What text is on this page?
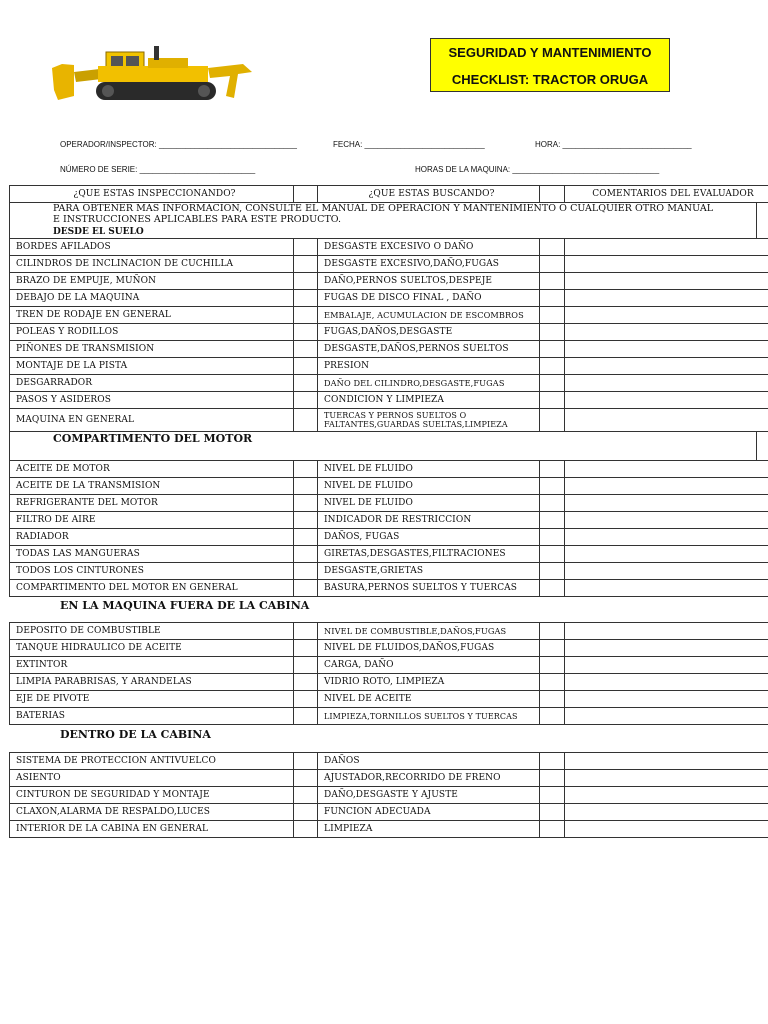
SEGURIDAD Y MANTENIMIENTO
CHECKLIST: TRACTOR ORUGA
OPERADOR/INSPECTOR: _______________________________	FECHA: ___________________________	HORA: _____________________________
NÚMERO DE SERIE: __________________________	HORAS DE LA MAQUINA: _________________________________
¿QUE ESTAS INSPECCIONANDO?		¿QUE ESTAS BUSCANDO?		COMENTARIOS DEL EVALUADOR
PARA OBTENER MAS INFORMACION, CONSULTE EL MANUAL DE OPERACION Y MANTENIMIENTO O CUALQUIER OTRO MANUAL E INSTRUCCIONES APLICABLES PARA ESTE PRODUCTO.
DESDE EL SUELO
BORDES AFILADOS		DESGASTE EXCESIVO O DAÑO		
CILINDROS DE INCLINACION DE CUCHILLA		DESGASTE EXCESIVO,DAÑO,FUGAS		
BRAZO DE EMPUJE, MUÑON		DAÑO,PERNOS SUELTOS,DESPEJE		
DEBAJO DE LA MAQUINA		FUGAS DE DISCO FINAL , DAÑO		
TREN DE RODAJE EN GENERAL		EMBALAJE, ACUMULACION DE ESCOMBROS		
POLEAS Y RODILLOS		FUGAS,DAÑOS,DESGASTE		
PIÑONES DE TRANSMISION		DESGASTE,DAÑOS,PERNOS SUELTOS		
MONTAJE DE LA PISTA		PRESION		
DESGARRADOR		DAÑO DEL CILINDRO,DESGASTE,FUGAS		
PASOS Y ASIDEROS		CONDICION Y LIMPIEZA		
MAQUINA EN GENERAL		TUERCAS Y PERNOS SUELTOS O FALTANTES,GUARDAS SUELTAS,LIMPIEZA		
COMPARTIMENTO DEL MOTOR
ACEITE DE MOTOR		NIVEL DE FLUIDO		
ACEITE DE LA TRANSMISION		NIVEL DE FLUIDO		
REFRIGERANTE DEL MOTOR		NIVEL DE FLUIDO		
FILTRO DE AIRE		INDICADOR DE RESTRICCION		
RADIADOR		DAÑOS, FUGAS		
TODAS LAS MANGUERAS		GIRETAS,DESGASTES,FILTRACIONES		
TODOS LOS CINTURONES		DESGASTE,GRIETAS		
COMPARTIMENTO DEL MOTOR EN GENERAL		BASURA,PERNOS SUELTOS Y TUERCAS		
EN LA MAQUINA FUERA DE LA CABINA
DEPOSITO DE COMBUSTIBLE		NIVEL DE COMBUSTIBLE,DAÑOS,FUGAS		
TANQUE HIDRAULICO DE ACEITE		NIVEL DE FLUIDOS,DAÑOS,FUGAS		
EXTINTOR		CARGA, DAÑO		
LIMPIA PARABRISAS, Y ARANDELAS		VIDRIO ROTO, LIMPIEZA		
EJE DE PIVOTE		NIVEL DE ACEITE		
BATERIAS		LIMPIEZA,TORNILLOS SUELTOS Y TUERCAS		
DENTRO DE LA CABINA
SISTEMA DE PROTECCION ANTIVUELCO		DAÑOS		
ASIENTO		AJUSTADOR,RECORRIDO DE FRENO		
CINTURON DE SEGURIDAD Y MONTAJE		DAÑO,DESGASTE Y AJUSTE		
CLAXON,ALARMA DE RESPALDO,LUCES		FUNCION ADECUADA		
INTERIOR DE LA CABINA EN GENERAL		LIMPIEZA		
